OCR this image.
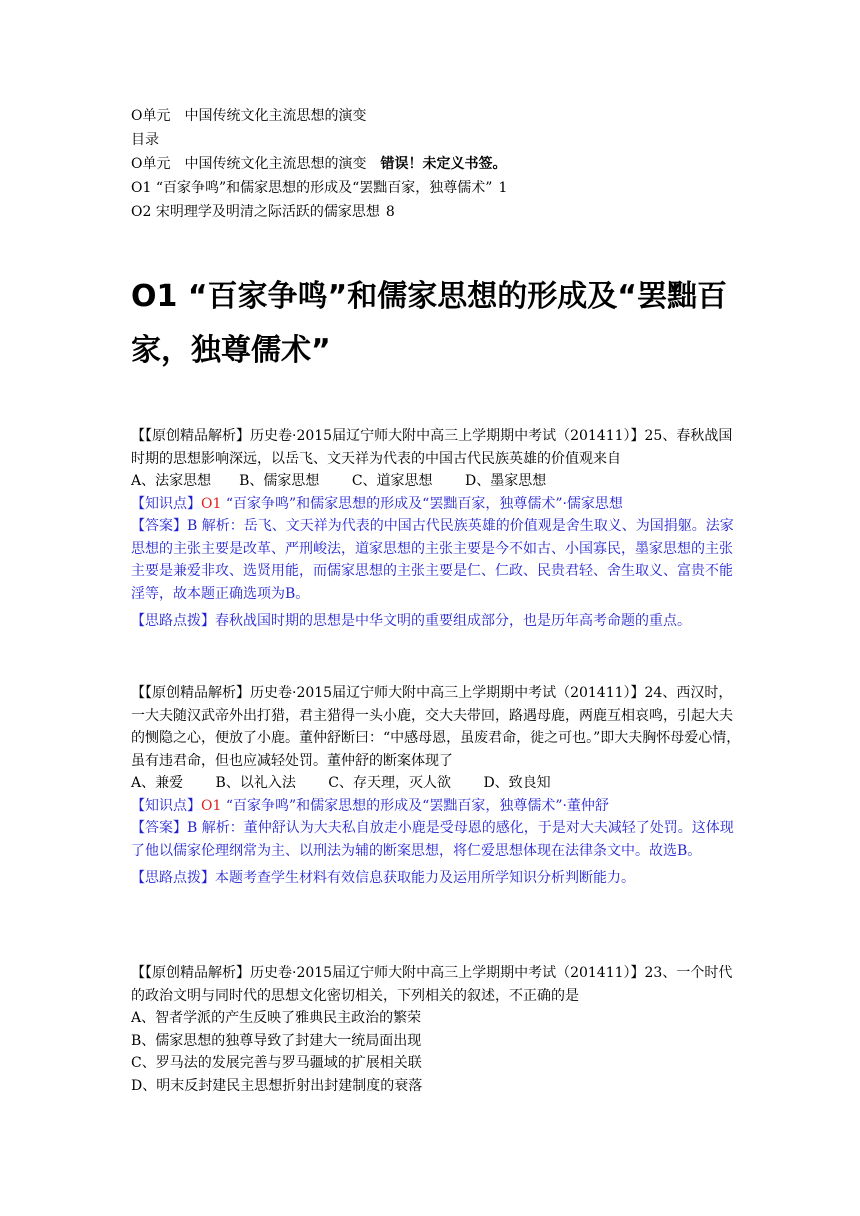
O单元　中国传统文化主流思想的演变
目录
O单元　中国传统文化主流思想的演变 错误！未定义书签。
O1 “百家争鸣”和儒家思想的形成及“罢黜百家，独尊儒术” 1
O2 宋明理学及明清之际活跃的儒家思想 8
O1 “百家争鸣”和儒家思想的形成及“罢黜百家，独尊儒术”

【【原创精品解析】历史卷·2015届辽宁师大附中高三上学期期中考试（201411）】25、春秋战国时期的思想影响深远，以岳飞、文天祥为代表的中国古代民族英雄的价值观来自

A、法家思想　　B、儒家思想　　 C、道家思想　　 D、墨家思想

【知识点】O1 “百家争鸣”和儒家思想的形成及“罢黜百家，独尊儒术”·儒家思想

【答案】B 解析：岳飞、文天祥为代表的中国古代民族英雄的价值观是舍生取义、为国捐躯。法家思想的主张主要是改革、严刑峻法，道家思想的主张主要是今不如古、小国寡民，墨家思想的主张主要是兼爱非攻、选贤用能，而儒家思想的主张主要是仁、仁政、民贵君轻、舍生取义、富贵不能淫等，故本题正确选项为B。

【思路点拨】春秋战国时期的思想是中华文明的重要组成部分，也是历年高考命题的重点。

【【原创精品解析】历史卷·2015届辽宁师大附中高三上学期期中考试（201411）】24、西汉时，一大夫随汉武帝外出打猎，君主猎得一头小鹿，交大夫带回，路遇母鹿，两鹿互相哀鸣，引起大夫的恻隐之心，便放了小鹿。董仲舒断曰：“中感母恩，虽废君命，徙之可也。”即大夫胸怀母爱心情，虽有违君命，但也应减轻处罚。董仲舒的断案体现了

A、兼爱　　 B、以礼入法　　 C、存天理，灭人欲　　 D、致良知

【知识点】O1 “百家争鸣”和儒家思想的形成及“罢黜百家，独尊儒术”·董仲舒

【答案】B 解析：董仲舒认为大夫私自放走小鹿是受母恩的感化，于是对大夫减轻了处罚。这体现了他以儒家伦理纲常为主、以刑法为辅的断案思想，将仁爱思想体现在法律条文中。故选B。

【思路点拨】本题考查学生材料有效信息获取能力及运用所学知识分析判断能力。

【【原创精品解析】历史卷·2015届辽宁师大附中高三上学期期中考试（201411）】23、一个时代的政治文明与同时代的思想文化密切相关，下列相关的叙述，不正确的是

A、智者学派的产生反映了雅典民主政治的繁荣

B、儒家思想的独尊导致了封建大一统局面出现

C、罗马法的发展完善与罗马疆域的扩展相关联

D、明末反封建民主思想折射出封建制度的衰落
